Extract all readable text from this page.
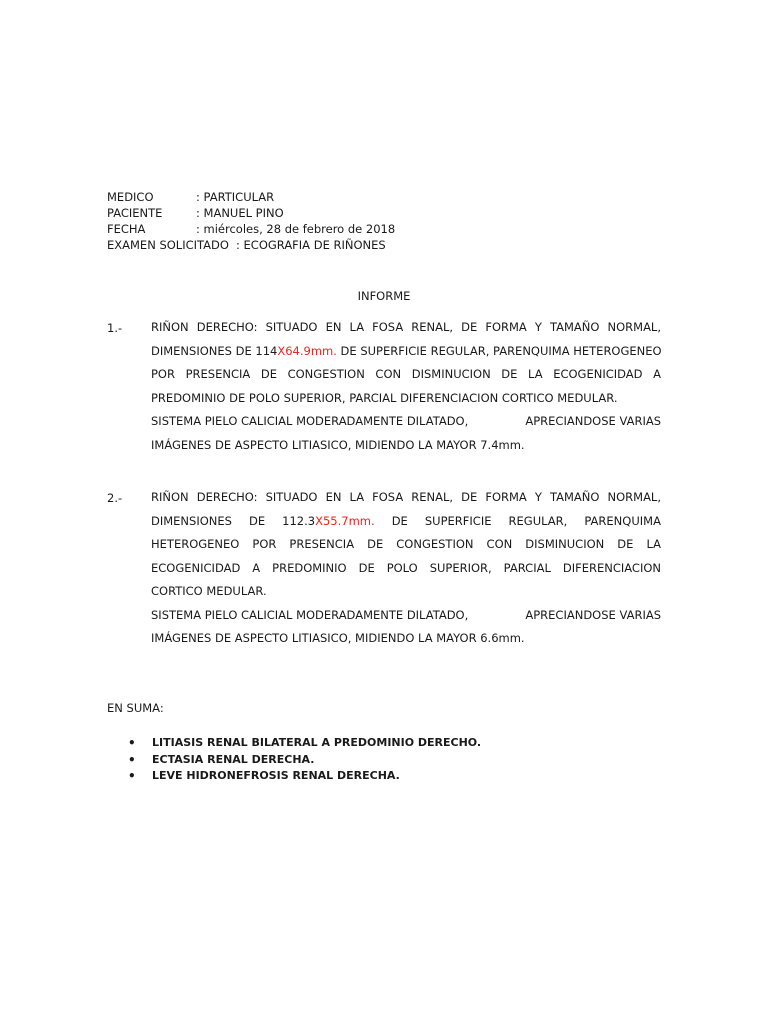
MEDICO	: PARTICULAR
PACIENTE	: MANUEL PINO
FECHA	: miércoles, 28 de febrero de 2018
EXAMEN SOLICITADO : ECOGRAFIA DE RIÑONES
INFORME
1.-	RIÑON DERECHO: SITUADO EN LA FOSA RENAL, DE FORMA Y TAMAÑO NORMAL,
DIMENSIONES DE 114X64.9mm. DE SUPERFICIE REGULAR, PARENQUIMA HETEROGENEO
POR PRESENCIA DE CONGESTION CON DISMINUCION DE LA ECOGENICIDAD A
PREDOMINIO DE POLO SUPERIOR, PARCIAL DIFERENCIACION CORTICO MEDULAR.
SISTEMA PIELO CALICIAL MODERADAMENTE DILATADO,	APRECIANDOSE VARIAS
IMÁGENES DE ASPECTO LITIASICO, MIDIENDO LA MAYOR 7.4mm.
2.-	RIÑON DERECHO: SITUADO EN LA FOSA RENAL, DE FORMA Y TAMAÑO NORMAL,
DIMENSIONES DE 112.3X55.7mm. DE SUPERFICIE REGULAR, PARENQUIMA
HETEROGENEO POR PRESENCIA DE CONGESTION CON DISMINUCION DE LA
ECOGENICIDAD A PREDOMINIO DE POLO SUPERIOR, PARCIAL DIFERENCIACION
CORTICO MEDULAR.
SISTEMA PIELO CALICIAL MODERADAMENTE DILATADO,	APRECIANDOSE VARIAS
IMÁGENES DE ASPECTO LITIASICO, MIDIENDO LA MAYOR 6.6mm.
EN SUMA:
• LITIASIS RENAL BILATERAL A PREDOMINIO DERECHO.
• ECTASIA RENAL DERECHA.
• LEVE HIDRONEFROSIS RENAL DERECHA.
